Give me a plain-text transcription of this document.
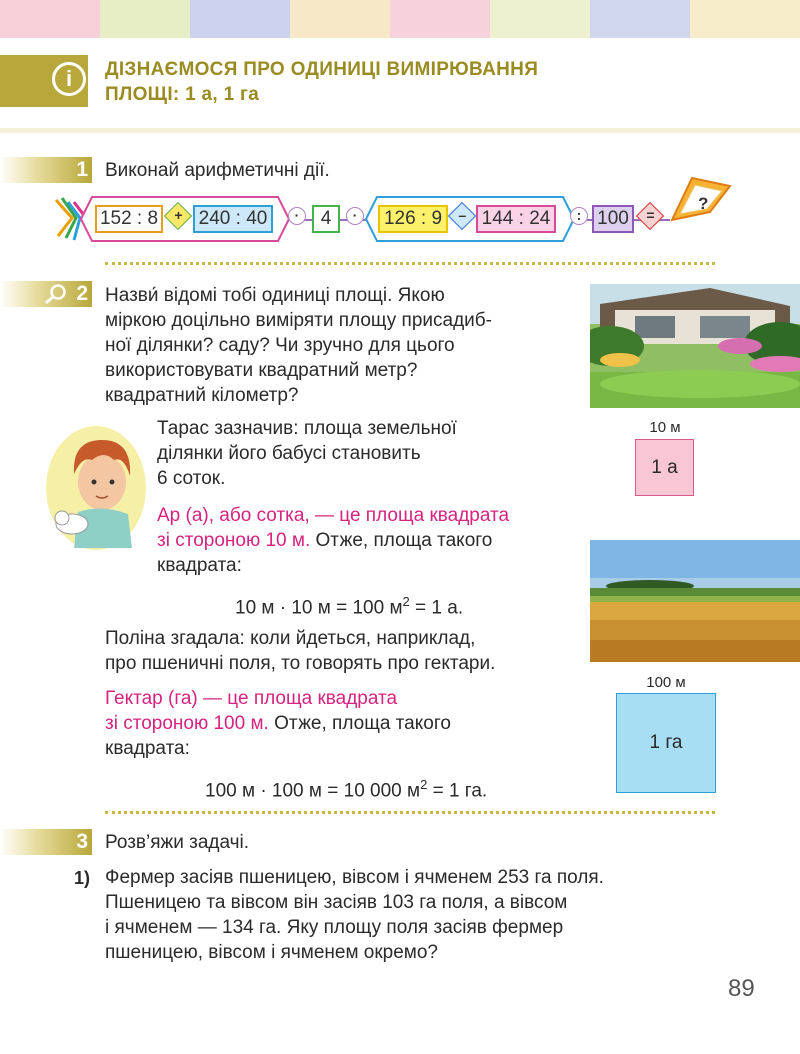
i	ДІЗНАЄМОСЯ ПРО ОДИНИЦІ ВИМІРЮВАННЯ
ПЛОЩІ: 1 а, 1 га
1 Виконай арифметичні дії.
152 : 8	+ 240 : 40	·	4	·	126 : 9	– 144 : 24	: 100	=
?
2 Назви́ відомі тобі одиниці площі. Якою
міркою доцільно виміряти площу присадиб-
ної ділянки? саду? Чи зручно для цього
використовувати квадратний метр?
квадратний кілометр?
Тарас зазначив: площа земельної
ділянки його бабусі становить
6 соток.
10 м
1 а
Ар (а), або сотка, — це площа квадрата
зі стороною 10 м. Отже, площа такого
квадрата:
10 м · 10 м = 100 $м^2 = 1$ а.
Поліна згадала: коли йдеться, наприклад,
про пшеничні поля, то говорять про гектари.
100 м
1 га
Гектар (га) — це площа квадрата
зі стороною 100 м. Отже, площа такого
квадрата:
100 м · 100 м = 10 000 $м^2 = 1$ га.
3 Розв’яжи задачі.
1) Фермер засіяв пшеницею, вівсом і ячменем 253 га поля.
Пшеницею та вівсом він засіяв 103 га поля, а вівсом
і ячменем — 134 га. Яку площу поля засіяв фермер
пшеницею, вівсом і ячменем окремо?
89
